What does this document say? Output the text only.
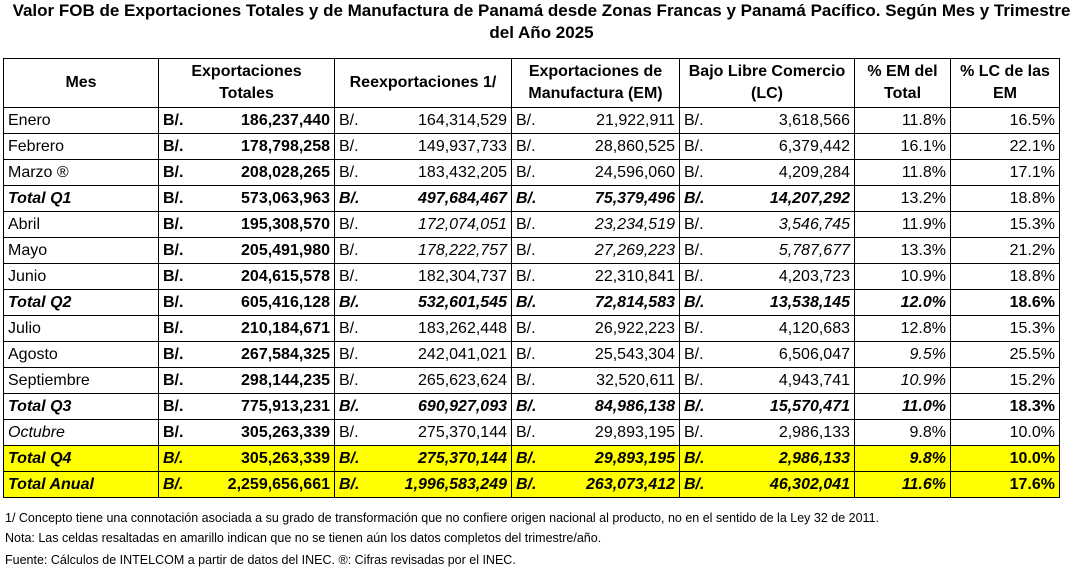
Valor FOB de Exportaciones Totales y de Manufactura de Panamá desde Zonas Francas y Panamá Pacífico. Según Mes y Trimestre del Año 2025
Mes	Exportaciones Totales		Reexportaciones 1/		Exportaciones de Manufactura (EM)		Bajo Libre Comercio (LC)		% EM del Total	% LC de las EM
Enero	B/.	186,237,440	B/.	164,314,529	B/.	21,922,911	B/.	3,618,566	11.8%	16.5%
Febrero	B/.	178,798,258	B/.	149,937,733	B/.	28,860,525	B/.	6,379,442	16.1%	22.1%
Marzo ®	B/.	208,028,265	B/.	183,432,205	B/.	24,596,060	B/.	4,209,284	11.8%	17.1%
Total Q1	B/.	573,063,963	B/.	497,684,467	B/.	75,379,496	B/.	14,207,292	13.2%	18.8%
Abril	B/.	195,308,570	B/.	172,074,051	B/.	23,234,519	B/.	3,546,745	11.9%	15.3%
Mayo	B/.	205,491,980	B/.	178,222,757	B/.	27,269,223	B/.	5,787,677	13.3%	21.2%
Junio	B/.	204,615,578	B/.	182,304,737	B/.	22,310,841	B/.	4,203,723	10.9%	18.8%
Total Q2	B/.	605,416,128	B/.	532,601,545	B/.	72,814,583	B/.	13,538,145	12.0%	18.6%
Julio	B/.	210,184,671	B/.	183,262,448	B/.	26,922,223	B/.	4,120,683	12.8%	15.3%
Agosto	B/.	267,584,325	B/.	242,041,021	B/.	25,543,304	B/.	6,506,047	9.5%	25.5%
Septiembre	B/.	298,144,235	B/.	265,623,624	B/.	32,520,611	B/.	4,943,741	10.9%	15.2%
Total Q3	B/.	775,913,231	B/.	690,927,093	B/.	84,986,138	B/.	15,570,471	11.0%	18.3%
Octubre	B/.	305,263,339	B/.	275,370,144	B/.	29,893,195	B/.	2,986,133	9.8%	10.0%
Total Q4	B/.	305,263,339	B/.	275,370,144	B/.	29,893,195	B/.	2,986,133	9.8%	10.0%
Total Anual	B/.	2,259,656,661	B/.	1,996,583,249	B/.	263,073,412	B/.	46,302,041	11.6%	17.6%
1/ Concepto tiene una connotación asociada a su grado de transformación que no confiere origen nacional al producto, no en el sentido de la Ley 32 de 2011.
Nota: Las celdas resaltadas en amarillo indican que no se tienen aún los datos completos del trimestre/año.
Fuente: Cálculos de INTELCOM a partir de datos del INEC. ®: Cifras revisadas por el INEC.
